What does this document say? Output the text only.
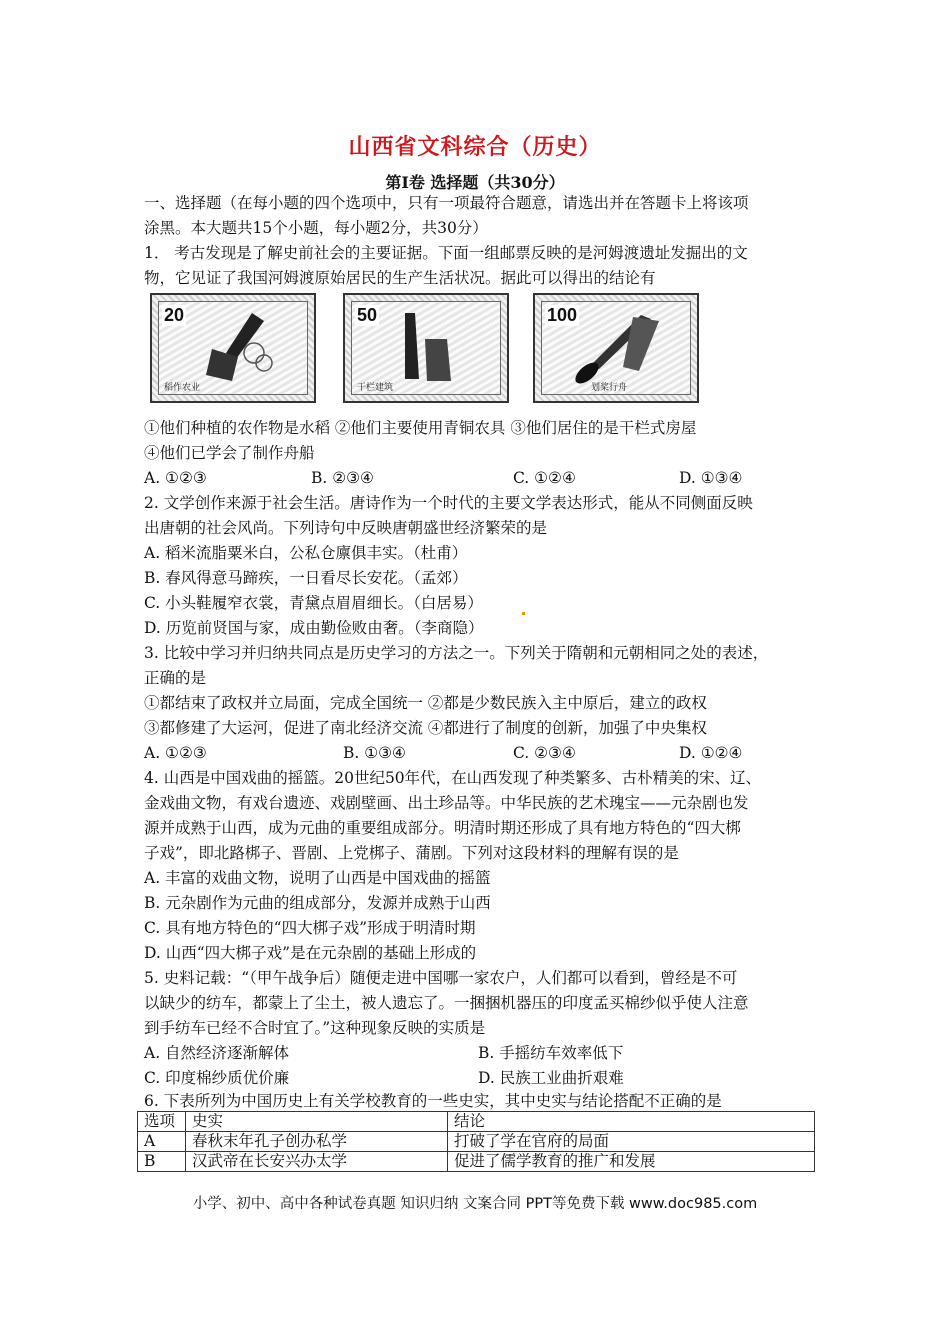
山西省文科综合（历史）
第Ⅰ卷 选择题（共30分）
一、选择题（在每小题的四个选项中，只有一项最符合题意，请选出并在答题卡上将该项
涂黑。本大题共15个小题，每小题2分，共30分）
1． 考古发现是了解史前社会的主要证据。下面一组邮票反映的是河姆渡遗址发掘出的文
物，它见证了我国河姆渡原始居民的生产生活状况。据此可以得出的结论有
20
稻作农业
50
干栏建筑
100
划桨行舟
①他们种植的农作物是水稻 ②他们主要使用青铜农具 ③他们居住的是干栏式房屋
④他们已学会了制作舟船
A. ①②③	B. ②③④	C. ①②④	D. ①③④
2. 文学创作来源于社会生活。唐诗作为一个时代的主要文学表达形式，能从不同侧面反映
出唐朝的社会风尚。下列诗句中反映唐朝盛世经济繁荣的是
A. 稻米流脂粟米白，公私仓廪俱丰实。（杜甫）
B. 春风得意马蹄疾，一日看尽长安花。（孟郊）
C. 小头鞋履窄衣裳，青黛点眉眉细长。（白居易）
D. 历览前贤国与家，成由勤俭败由奢。（李商隐）
3. 比较中学习并归纳共同点是历史学习的方法之一。下列关于隋朝和元朝相同之处的表述，
正确的是
①都结束了政权并立局面，完成全国统一 ②都是少数民族入主中原后，建立的政权
③都修建了大运河，促进了南北经济交流 ④都进行了制度的创新，加强了中央集权
A. ①②③	B. ①③④	C. ②③④	D. ①②④
4. 山西是中国戏曲的摇篮。20世纪50年代，在山西发现了种类繁多、古朴精美的宋、辽、
金戏曲文物，有戏台遗迹、戏剧壁画、出土珍品等。中华民族的艺术瑰宝——元杂剧也发
源并成熟于山西，成为元曲的重要组成部分。明清时期还形成了具有地方特色的“四大梆
子戏”，即北路梆子、晋剧、上党梆子、蒲剧。下列对这段材料的理解有误的是
A. 丰富的戏曲文物，说明了山西是中国戏曲的摇篮
B. 元杂剧作为元曲的组成部分，发源并成熟于山西
C. 具有地方特色的“四大梆子戏”形成于明清时期
D. 山西“四大梆子戏”是在元杂剧的基础上形成的
5. 史料记载：“（甲午战争后）随便走进中国哪一家农户，人们都可以看到，曾经是不可
以缺少的纺车，都蒙上了尘土，被人遗忘了。一捆捆机器压的印度孟买棉纱似乎使人注意
到手纺车已经不合时宜了。”这种现象反映的实质是
A. 自然经济逐渐解体	B. 手摇纺车效率低下
C. 印度棉纱质优价廉	D. 民族工业曲折艰难
6. 下表所列为中国历史上有关学校教育的一些史实，其中史实与结论搭配不正确的是
选项	史实	结论
A	春秋末年孔子创办私学	打破了学在官府的局面
B	汉武帝在长安兴办太学	促进了儒学教育的推广和发展
小学、初中、高中各种试卷真题 知识归纳 文案合同 PPT等免费下载 www.doc985.com
